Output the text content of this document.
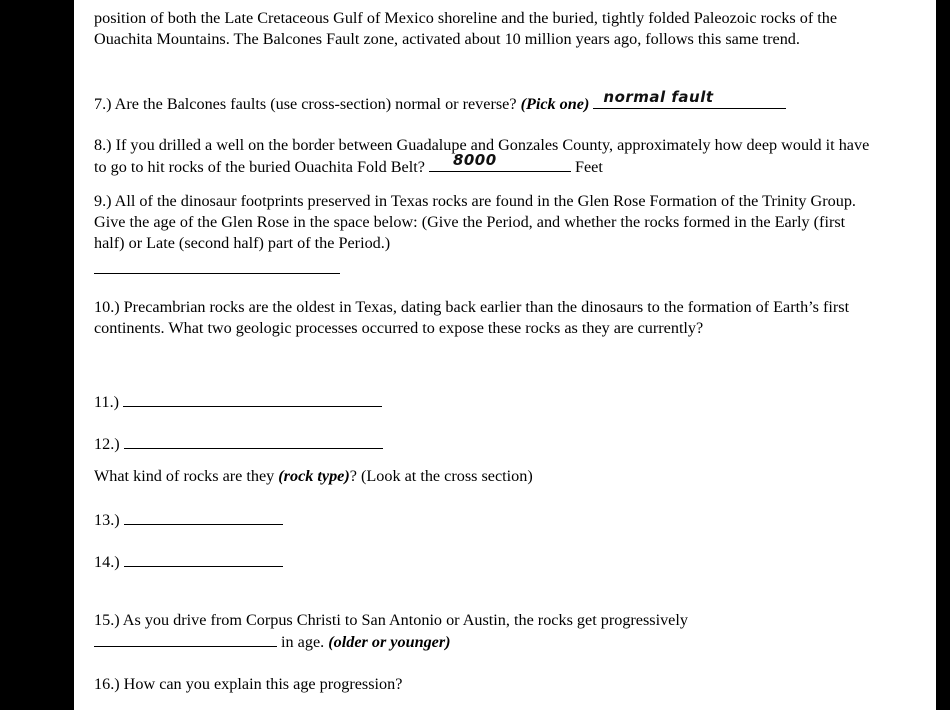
position of both the Late Cretaceous Gulf of Mexico shoreline and the buried, tightly folded Paleozoic rocks of the Ouachita Mountains. The Balcones Fault zone, activated about 10 million years ago, follows this same trend.

7.) Are the Balcones faults (use cross-section) normal or reverse? (Pick one) normal fault

8.) If you drilled a well on the border between Guadalupe and Gonzales County, approximately how deep would it have to go to hit rocks of the buried Ouachita Fold Belt? 8000	Feet

9.) All of the dinosaur footprints preserved in Texas rocks are found in the Glen Rose Formation of the Trinity Group. Give the age of the Glen Rose in the space below: (Give the Period, and whether the rocks formed in the Early (first half) or Late (second half) part of the Period.)

10.) Precambrian rocks are the oldest in Texas, dating back earlier than the dinosaurs to the formation of Earth’s first continents. What two geologic processes occurred to expose these rocks as they are currently?

11.)
12.)

What kind of rocks are they (rock type)? (Look at the cross section)

13.)
14.)

15.) As you drive from Corpus Christi to San Antonio or Austin, the rocks get progressively

in age. (older or younger)

16.) How can you explain this age progression?
